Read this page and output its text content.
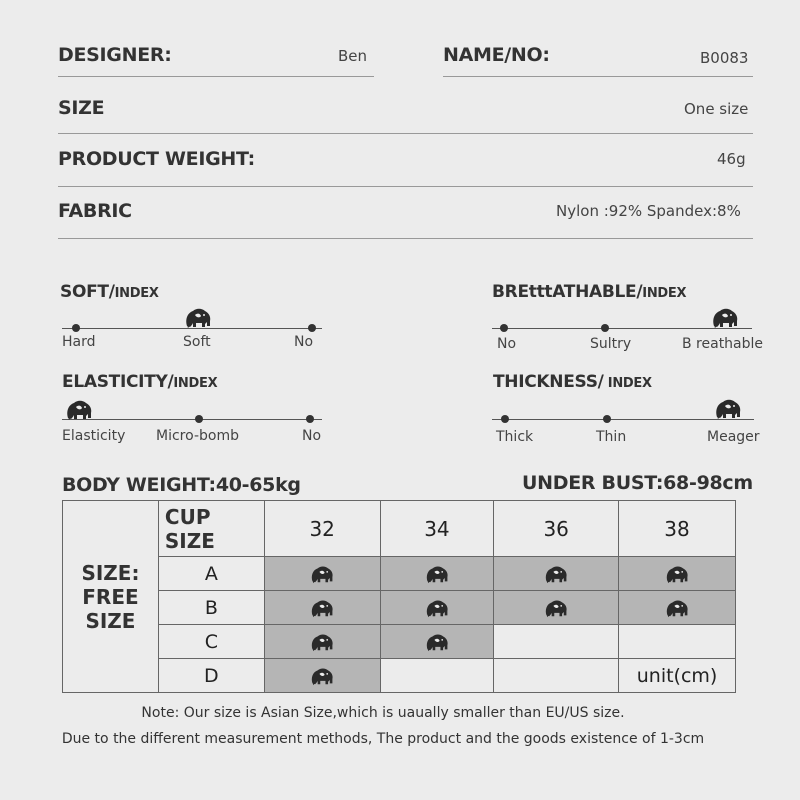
DESIGNER:	Ben	NAME/NO:	B0083
SIZE	One size
PRODUCT WEIGHT:	46g
FABRIC	Nylon :92% Spandex:8%
SOFT/INDEX
Hard	Soft	No
BREtttATHABLE/INDEX
No	Sultry	B reathable
ELASTICITY/INDEX
Elasticity Micro-bomb	No
THICKNESS/ INDEX
Thick	Thin	Meager
BODY WEIGHT:40-65kg	UNDER BUST:68-98cm
SIZE:
FREE SIZE	CUP SIZE	32	34	36	38
	A				
	B				
	C				
	D				unit(cm)
Note: Our size is Asian Size,which is uaually smaller than EU/US size.
Due to the different measurement methods, The product and the goods existence of 1-3cm
